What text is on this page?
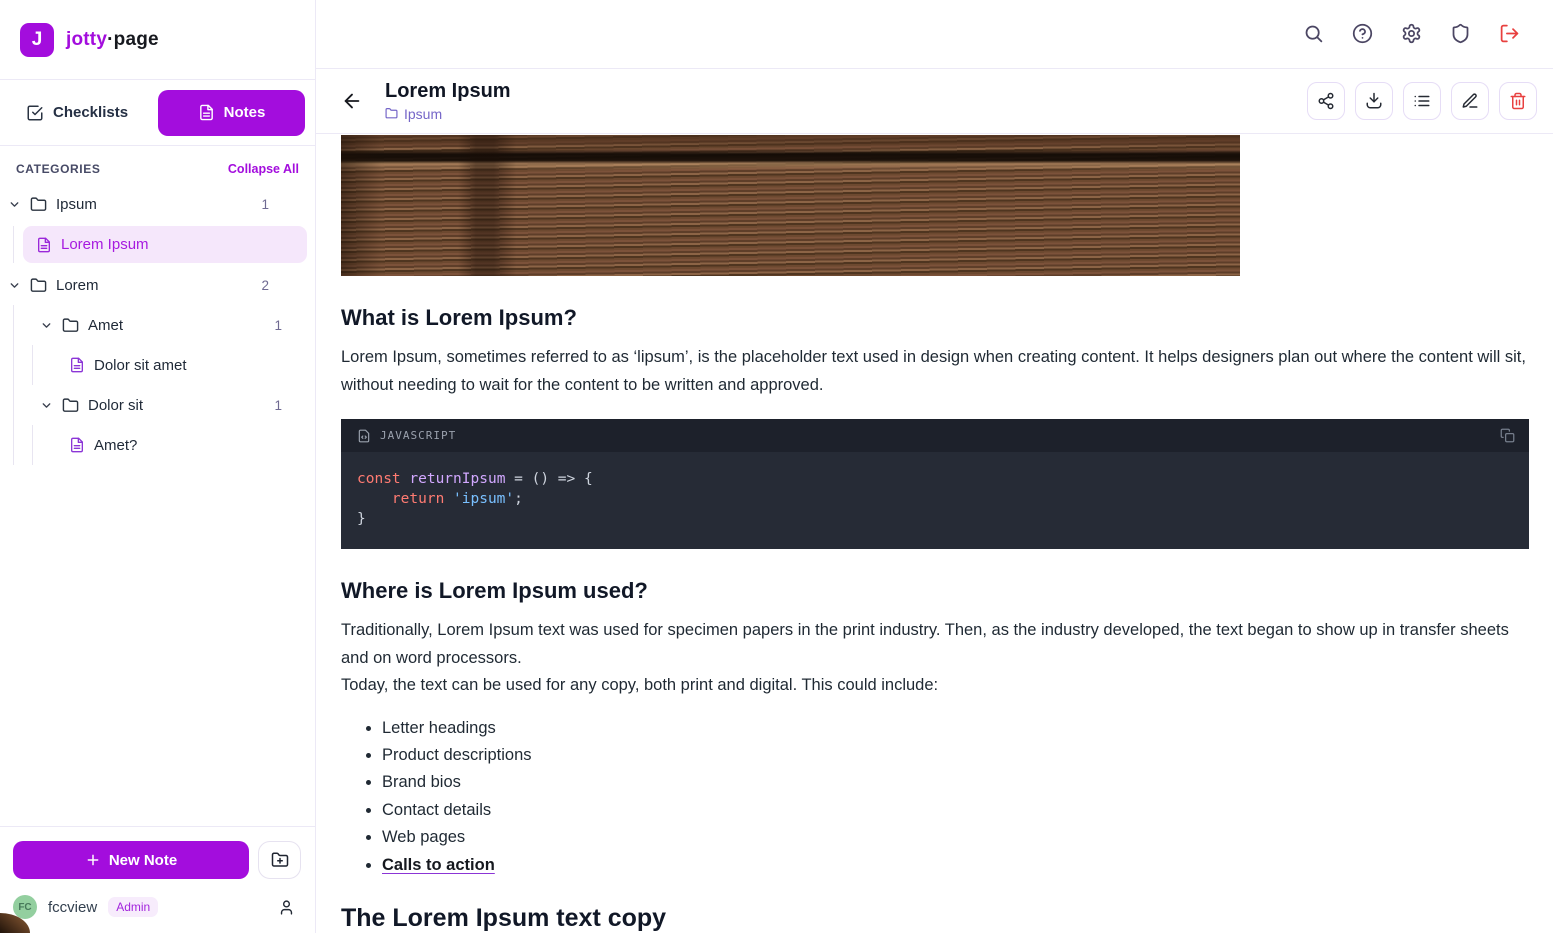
J jotty·page
Checklists	Notes
CATEGORIES	Collapse All
Ipsum	1
Lorem Ipsum
Lorem	2
Amet	1
Dolor sit amet
Dolor sit	1
Amet?
New Note
FC fccview	Admin
Lorem Ipsum
Ipsum
What is Lorem Ipsum?
Lorem Ipsum, sometimes referred to as ‘lipsum’, is the placeholder text used in design when creating content. It helps designers plan out where the content will sit, without needing to wait for the content to be written and approved.
JAVASCRIPT
const returnIpsum = () => {
return 'ipsum';
}
Where is Lorem Ipsum used?
Traditionally, Lorem Ipsum text was used for specimen papers in the print industry. Then, as the industry developed, the text began to show up in transfer sheets and on word processors.
Today, the text can be used for any copy, both print and digital. This could include:
• Letter headings
• Product descriptions
• Brand bios
• Contact details
• Web pages
• Calls to action
The Lorem Ipsum text copy
